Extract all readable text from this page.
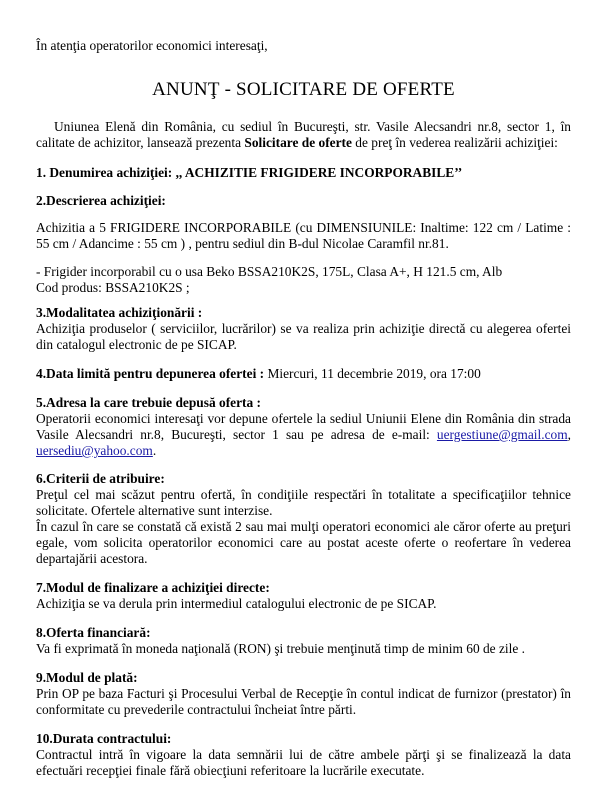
În atenţia operatorilor economici interesaţi,

ANUNŢ - SOLICITARE DE OFERTE

Uniunea Elenă din România, cu sediul în Bucureşti, str. Vasile Alecsandri nr.8, sector 1, în calitate de achizitor, lansează prezenta Solicitare de oferte de preţ în vederea realizării achiziţiei:

1. Denumirea achiziţiei: ,, ACHIZITIE FRIGIDERE INCORPORABILE’’

2.Descrierea achiziţiei:

Achizitia a 5 FRIGIDERE INCORPORABILE (cu DIMENSIUNILE: Inaltime: 122 cm / Latime : 55 cm / Adancime : 55 cm ) , pentru sediul din B-dul Nicolae Caramfil nr.81.

- Frigider incorporabil cu o usa Beko BSSA210K2S, 175L, Clasa A+, H 121.5 cm, Alb

Cod produs: BSSA210K2S ;

3.Modalitatea achiziţionării :

Achiziţia produselor ( serviciilor, lucrărilor) se va realiza prin achiziţie directă cu alegerea ofertei din catalogul electronic de pe SICAP.

4.Data limită pentru depunerea ofertei : Miercuri, 11 decembrie 2019, ora 17:00

5.Adresa la care trebuie depusă oferta :

Operatorii economici interesaţi vor depune ofertele la sediul Uniunii Elene din România din strada Vasile Alecsandri nr.8, Bucureşti, sector 1 sau pe adresa de e-mail: uergestiune@gmail.com, uersediu@yahoo.com.

6.Criterii de atribuire:

Preţul cel mai scăzut pentru ofertă, în condiţiile respectări în totalitate a specificaţiilor tehnice solicitate. Ofertele alternative sunt interzise.

În cazul în care se constată că există 2 sau mai mulţi operatori economici ale căror oferte au preţuri egale, vom solicita operatorilor economici care au postat aceste oferte o reofertare în vederea departajării acestora.

7.Modul de finalizare a achiziţiei directe:

Achiziţia se va derula prin intermediul catalogului electronic de pe SICAP.

8.Oferta financiară:

Va fi exprimată în moneda naţională (RON) şi trebuie menţinută timp de minim 60 de zile .

9.Modul de plată:

Prin OP pe baza Facturi şi Procesului Verbal de Recepţie în contul indicat de furnizor (prestator) în conformitate cu prevederile contractului încheiat între părti.

10.Durata contractului:

Contractul intră în vigoare la data semnării lui de către ambele părţi şi se finalizează la data efectuări recepţiei finale fără obiecţiuni referitoare la lucrările executate.
